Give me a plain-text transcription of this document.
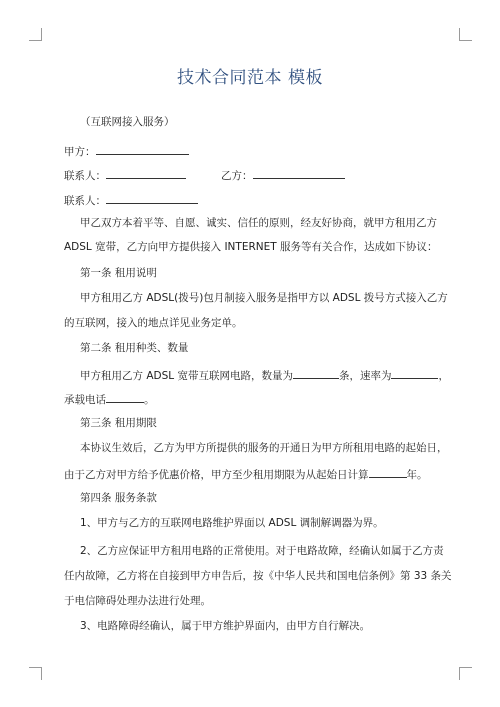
技术合同范本 模板
（互联网接入服务）
甲方：
联系人：	乙方：
联系人：
甲乙双方本着平等、自愿、诚实、信任的原则，经友好协商，就甲方租用乙方
ADSL 宽带，乙方向甲方提供接入 INTERNET 服务等有关合作，达成如下协议：
第一条 租用说明
甲方租用乙方 ADSL(拨号)包月制接入服务是指甲方以 ADSL 拨号方式接入乙方
的互联网，接入的地点详见业务定单。
第二条 租用种类、数量
甲方租用乙方 ADSL 宽带互联网电路，数量为	条，速率为	，
承载电话	。
第三条 租用期限
本协议生效后，乙方为甲方所提供的服务的开通日为甲方所租用电路的起始日，
由于乙方对甲方给予优惠价格，甲方至少租用期限为从起始日计算	年。
第四条 服务条款
1、甲方与乙方的互联网电路维护界面以 ADSL 调制解调器为界。
2、乙方应保证甲方租用电路的正常使用。对于电路故障，经确认如属于乙方责
任内故障，乙方将在自接到甲方申告后，按《中华人民共和国电信条例》第 33 条关
于电信障碍处理办法进行处理。
3、电路障碍经确认，属于甲方维护界面内，由甲方自行解决。
